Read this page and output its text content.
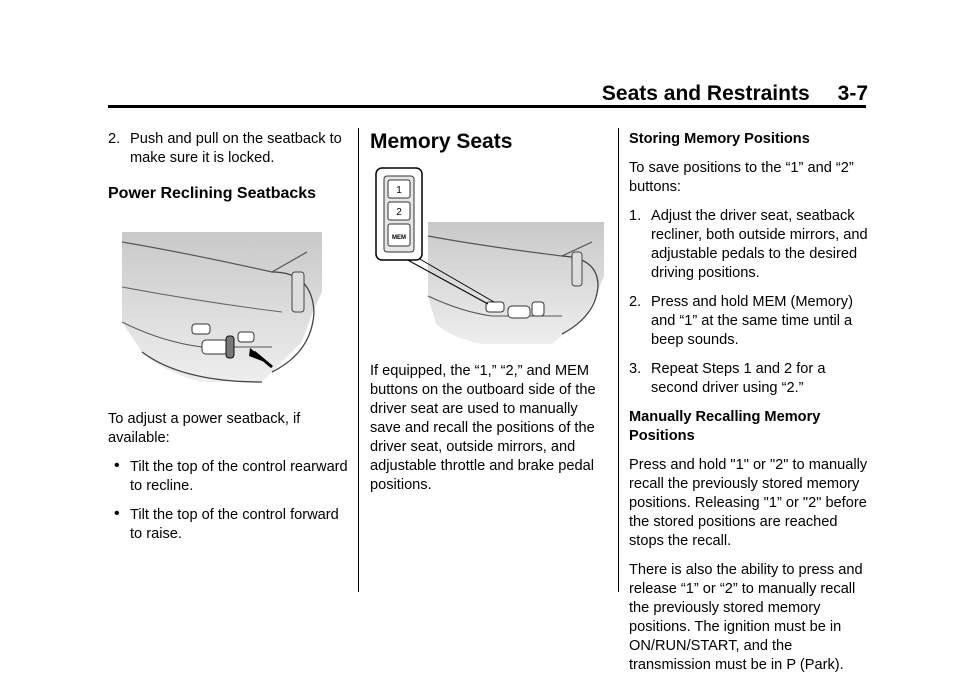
Seats and Restraints 3-7
2. Push and pull on the seatback to make sure it is locked.
Power Reclining Seatbacks

To adjust a power seatback, if available:

• Tilt the top of the control rearward to recline.
• Tilt the top of the control forward to raise.
Memory Seats
1
2
MEM

If equipped, the “1,” “2,” and MEM buttons on the outboard side of the driver seat are used to manually save and recall the positions of the driver seat, outside mirrors, and adjustable throttle and brake pedal positions.

Storing Memory Positions

To save positions to the “1” and “2” buttons:

1. Adjust the driver seat, seatback recliner, both outside mirrors, and adjustable pedals to the desired driving positions.
2. Press and hold MEM (Memory) and “1” at the same time until a beep sounds.
3. Repeat Steps 1 and 2 for a second driver using “2.”

Manually Recalling Memory Positions

Press and hold "1" or "2" to manually recall the previously stored memory positions. Releasing "1” or "2" before the stored positions are reached stops the recall.

There is also the ability to press and release “1” or “2” to manually recall the previously stored memory positions. The ignition must be in ON/RUN/START, and the transmission must be in P (Park).
